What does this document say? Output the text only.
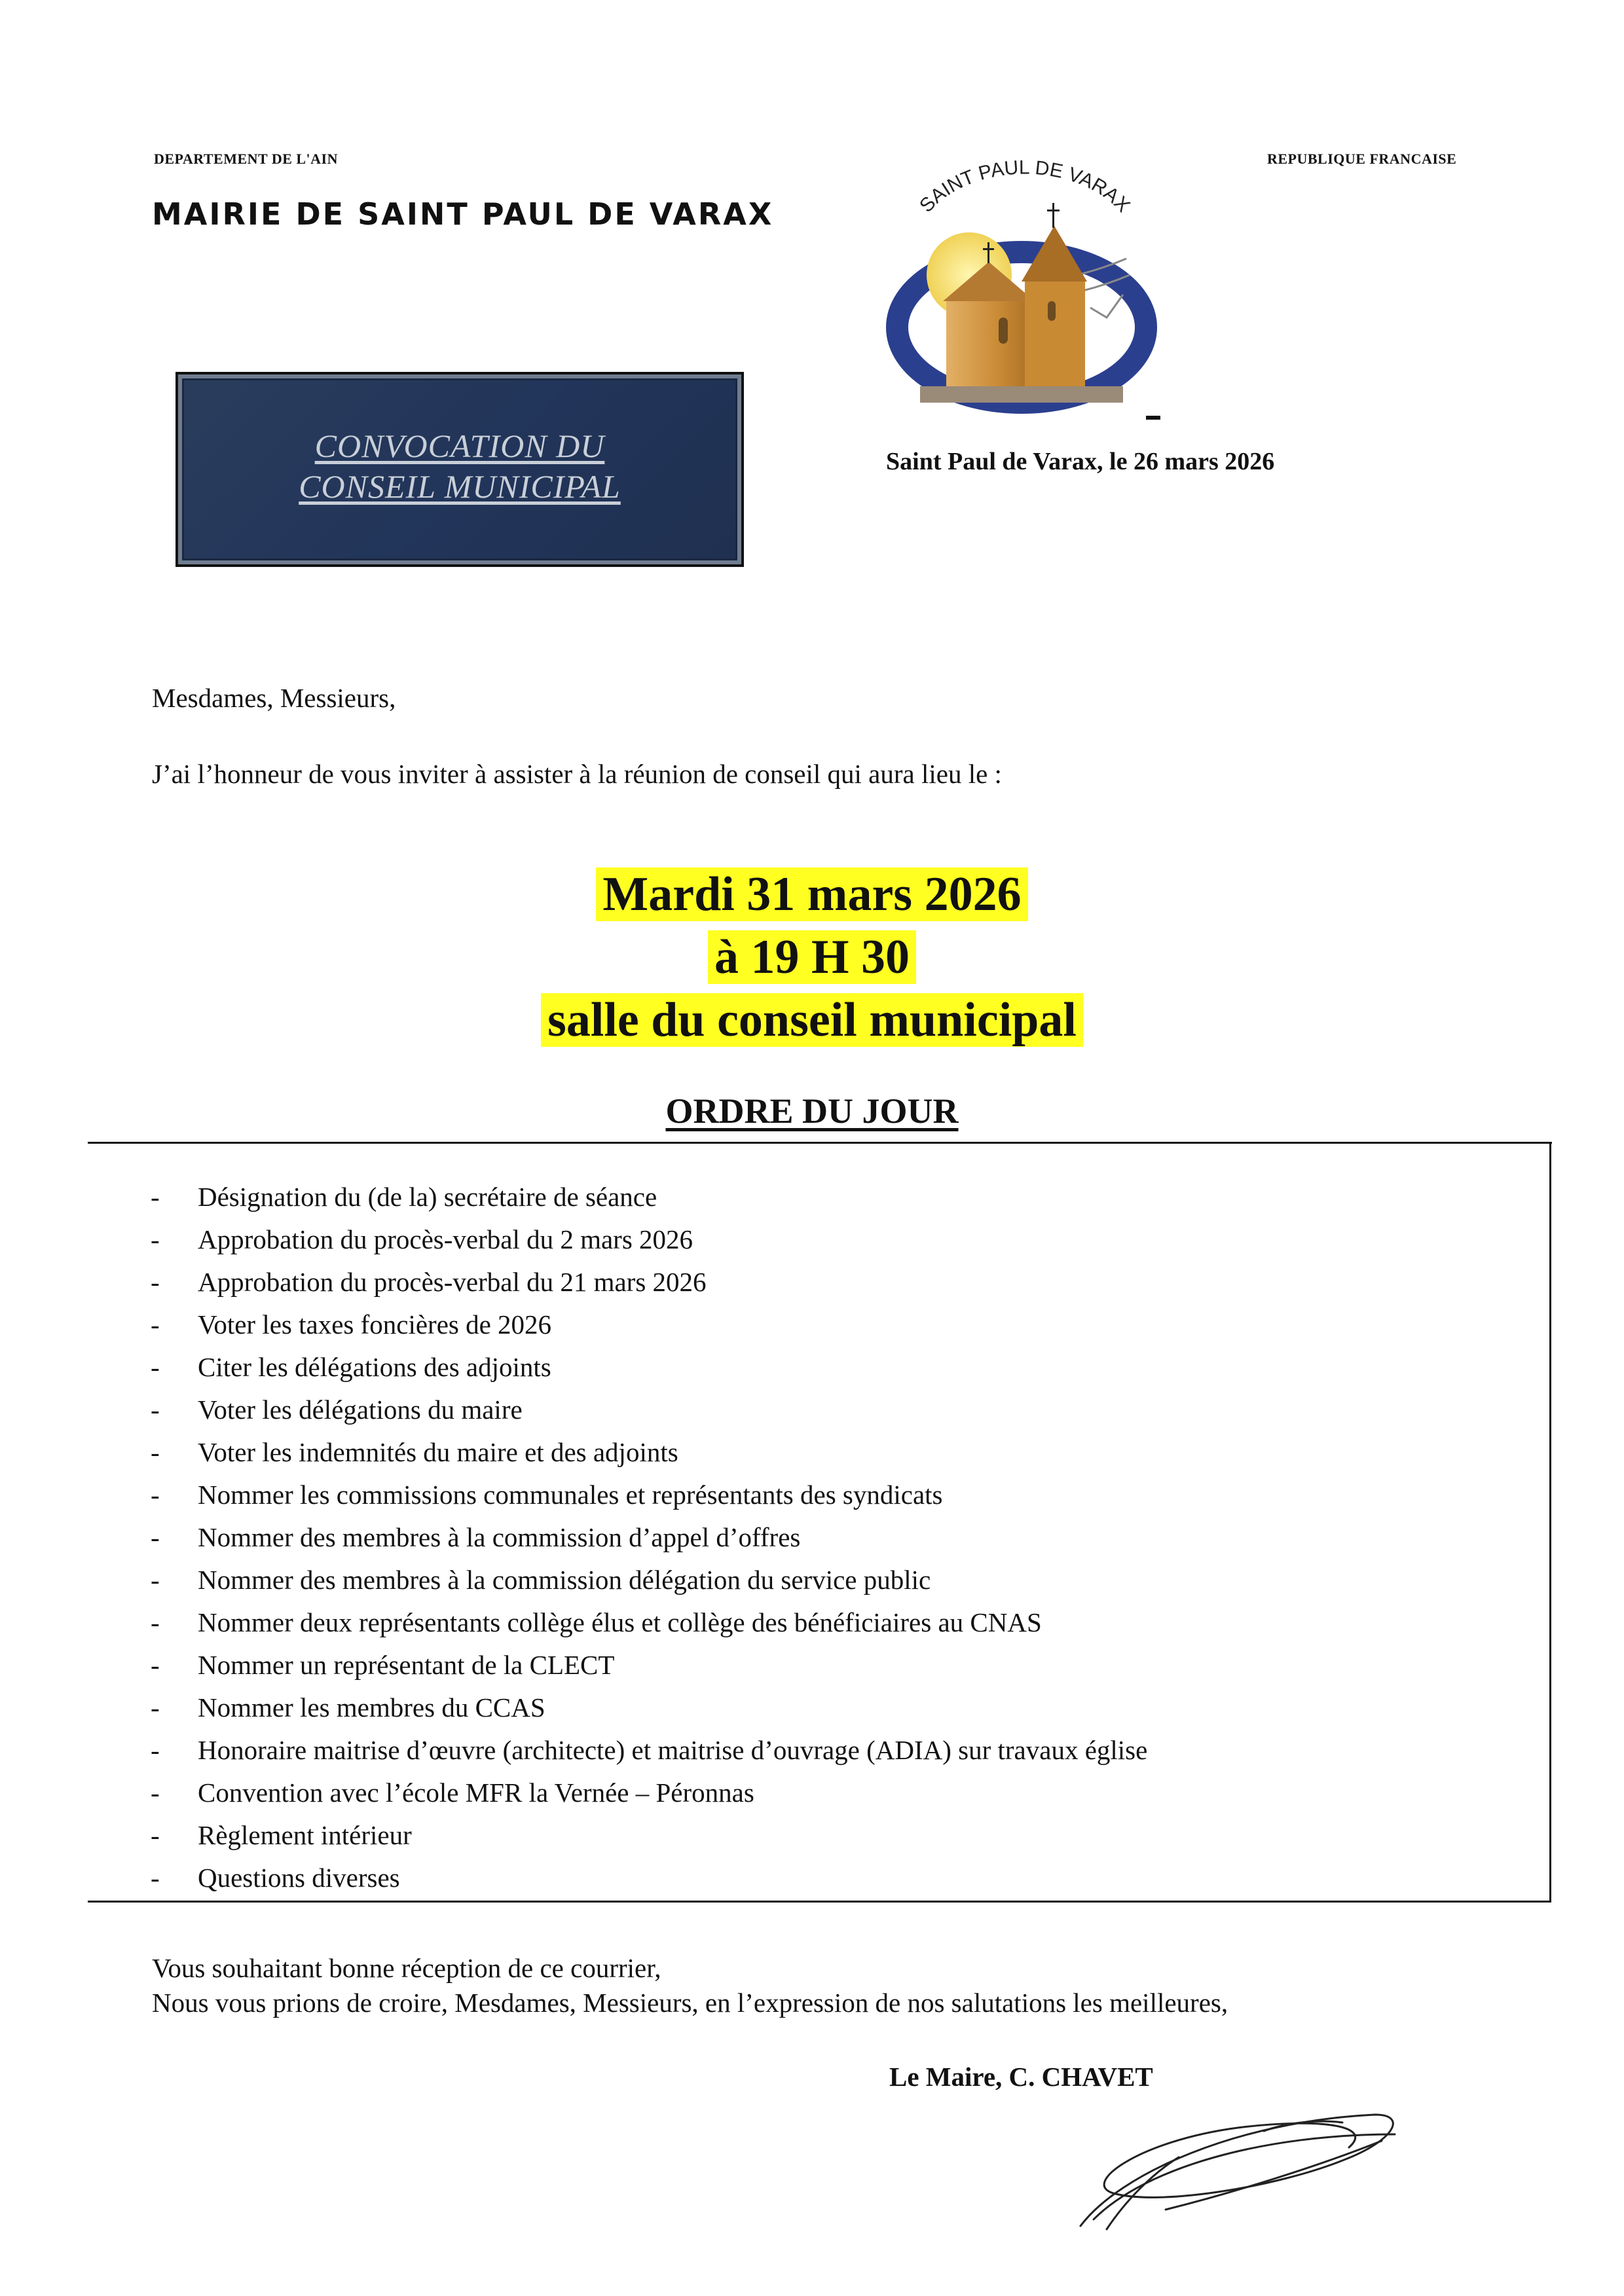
DEPARTEMENT DE L'AIN	REPUBLIQUE FRANCAISE
MAIRIE DE SAINT PAUL DE VARAX	SAINT PAUL DE VARAX
CONVOCATION DU
CONSEIL MUNICIPAL
Saint Paul de Varax, le 26 mars 2026
Mesdames, Messieurs,
J’ai l’honneur de vous inviter à assister à la réunion de conseil qui aura lieu le :
Mardi 31 mars 2026
à 19 H 30
salle du conseil municipal
ORDRE DU JOUR
- Désignation du (de la) secrétaire de séance
- Approbation du procès-verbal du 2 mars 2026
- Approbation du procès-verbal du 21 mars 2026
- Voter les taxes foncières de 2026
- Citer les délégations des adjoints
- Voter les délégations du maire
- Voter les indemnités du maire et des adjoints
- Nommer les commissions communales et représentants des syndicats
- Nommer des membres à la commission d’appel d’offres
- Nommer des membres à la commission délégation du service public
- Nommer deux représentants collège élus et collège des bénéficiaires au CNAS
- Nommer un représentant de la CLECT
- Nommer les membres du CCAS
- Honoraire maitrise d’œuvre (architecte) et maitrise d’ouvrage (ADIA) sur travaux église
- Convention avec l’école MFR la Vernée – Péronnas
- Règlement intérieur
- Questions diverses
Vous souhaitant bonne réception de ce courrier,
Nous vous prions de croire, Mesdames, Messieurs, en l’expression de nos salutations les meilleures,
Le Maire, C. CHAVET
